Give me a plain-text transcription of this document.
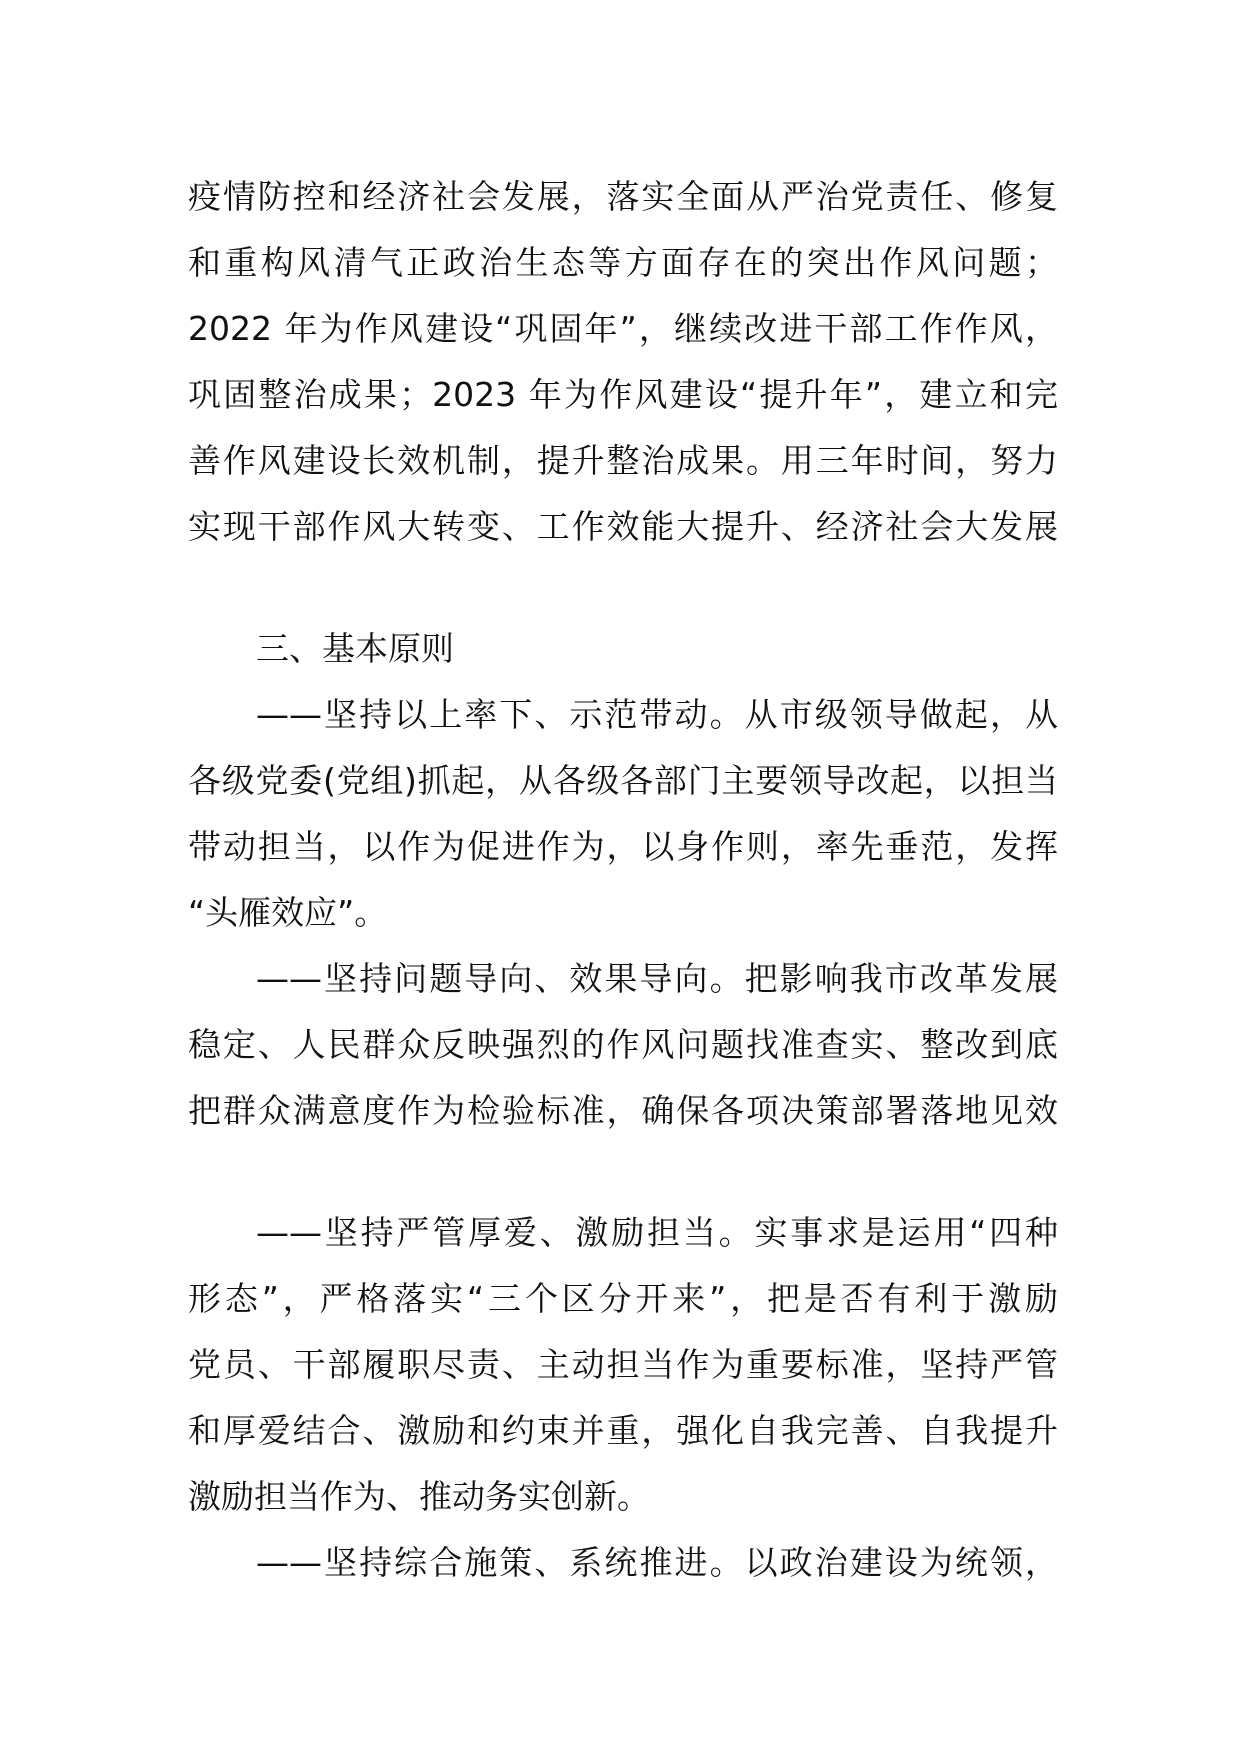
疫情防控和经济社会发展，落实全面从严治党责任、修复
和重构风清气正政治生态等方面存在的突出作风问题；
2022 年为作风建设“巩固年”，继续改进干部工作作风，
巩固整治成果；2023 年为作风建设“提升年”，建立和完
善作风建设长效机制，提升整治成果。用三年时间，努力
实现干部作风大转变、工作效能大提升、经济社会大发展
三、基本原则
——坚持以上率下、示范带动。从市级领导做起，从
各级党委(党组)抓起，从各级各部门主要领导改起，以担当
带动担当，以作为促进作为，以身作则，率先垂范，发挥
“头雁效应”。
——坚持问题导向、效果导向。把影响我市改革发展
稳定、人民群众反映强烈的作风问题找准查实、整改到底
把群众满意度作为检验标准，确保各项决策部署落地见效
——坚持严管厚爱、激励担当。实事求是运用“四种
形态”，严格落实“三个区分开来”，把是否有利于激励
党员、干部履职尽责、主动担当作为重要标准，坚持严管
和厚爱结合、激励和约束并重，强化自我完善、自我提升
激励担当作为、推动务实创新。
——坚持综合施策、系统推进。以政治建设为统领，
